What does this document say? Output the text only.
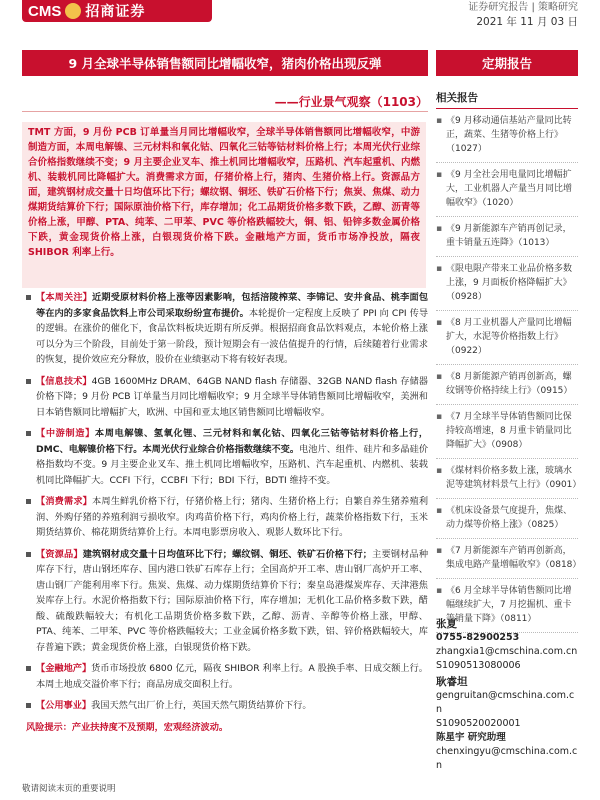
CMS 招商证券	证券研究报告 | 策略研究
2021 年 11 月 03 日
9 月全球半导体销售额同比增幅收窄，猪肉价格出现反弹	定期报告
——行业景气观察（1103）
TMT 方面，9 月份 PCB 订单量当月同比增幅收窄，全球半导体销售额同比增幅收窄，中游制造方面，本周电解镍、三元材料和氧化钴、四氧化三钴等钴材料价格上行；本周光伏行业综合价格指数继续不变；9 月主要企业叉车、推土机同比增幅收窄，压路机、汽车起重机、内燃机、装载机同比降幅扩大。消费需求方面，仔猪价格上行，猪肉、生猪价格上行。资源品方面，建筑钢材成交量十日均值环比下行；螺纹钢、铜坯、铁矿石价格下行；焦炭、焦煤、动力煤期货结算价下行；国际原油价格下行，库存增加；化工品期货价格多数下跌，乙醇、沥青等价格上涨，甲醇、PTA、纯苯、二甲苯、PVC 等价格跌幅较大，铜、铝、铅锌多数金属价格下跌，黄金现货价格上涨，白银现货价格下跌。金融地产方面，货币市场净投放，隔夜 SHIBOR 利率上行。
【本周关注】近期受原材料价格上涨等因素影响，包括涪陵榨菜、李锦记、安井食品、桃李面包等在内的多家食品饮料上市公司采取纷纷宣布提价。本轮提价一定程度上反映了 PPI 向 CPI 传导的逻辑。在涨价的催化下，食品饮料板块近期有所反弹。根据招商食品饮料观点，本轮价格上涨可以分为三个阶段，目前处于第一阶段，预计短期会有一波估值提升的行情，后续随着行业需求的恢复，提价效应充分释放，股价在业绩驱动下将有较好表现。
【信息技术】4GB 1600MHz DRAM、64GB NAND flash 存储器、32GB NAND flash 存储器价格下降；9 月份 PCB 订单量当月同比增幅收窄；9 月全球半导体销售额同比增幅收窄，美洲和日本销售额同比增幅扩大，欧洲、中国和亚太地区销售额同比增幅收窄。
【中游制造】本周电解镍、氢氧化锂、三元材料和氧化钴、四氧化三钴等钴材料价格上行，DMC、电解镍价格下行。本周光伏行业综合价格指数继续不变。电池片、组件、硅片和多晶硅价格指数均不变。9 月主要企业叉车、推土机同比增幅收窄，压路机、汽车起重机、内燃机、装载机同比降幅扩大。CCFI 下行，CCBFI 下行；BDI 下行，BDTI 维持不变。
【消费需求】本周生鲜乳价格下行，仔猪价格上行；猪肉、生猪价格上行；自繁自养生猪养殖利润、外购仔猪的养殖利润亏损收窄。肉鸡苗价格下行，鸡肉价格上行，蔬菜价格指数下行，玉米期货结算价、棉花期货结算价上行。本周电影票房收入、观影人数环比下行。
【资源品】建筑钢材成交量十日均值环比下行；螺纹钢、铜坯、铁矿石价格下行；主要钢材品种库存下行，唐山钢坯库存、国内港口铁矿石库存上行；全国高炉开工率、唐山钢厂高炉开工率、唐山钢厂产能利用率下行。焦炭、焦煤、动力煤期货结算价下行；秦皇岛港煤炭库存、天津港焦炭库存上行。水泥价格指数下行；国际原油价格下行，库存增加；无机化工品价格多数下跌，醋酸、硫酸跌幅较大；有机化工品期货价格多数下跌，乙醇、沥青、辛醇等价格上涨，甲醇、PTA、纯苯、二甲苯、PVC 等价格跌幅较大；工业金属价格多数下跌，铝、锌价格跌幅较大，库存普遍下跌；黄金现货价格上涨，白银现货价格下跌。
【金融地产】货币市场投放 6800 亿元，隔夜 SHIBOR 利率上行。A 股换手率、日成交额上行。本周土地成交溢价率下行；商品房成交面积上行。
【公用事业】我国天然气出厂价上行，英国天然气期货结算价下行。
风险提示：产业扶持度不及预期，宏观经济波动。
相关报告
▪ 《9 月移动通信基站产量同比转正，蔬菜、生猪等价格上行》（1027）
▪ 《9 月全社会用电量同比增幅扩大，工业机器人产量当月同比增幅收窄》（1020）
▪ 《9 月新能源车产销再创记录，重卡销量五连降》（1013）
▪ 《限电限产带来工业品价格多数上涨，9 月面板价格降幅扩大》（0928）
▪ 《8 月工业机器人产量同比增幅扩大，水泥等价格指数上行》（0922）
▪ 《8 月新能源产销再创新高，螺纹钢等价格持续上行》（0915）
▪ 《7 月全球半导体销售额同比保持较高增速，8 月重卡销量同比降幅扩大》（0908）
▪ 《煤材料价格多数上涨，玻璃水泥等建筑材料景气上行》（0901）
▪ 《机床设备景气度提升，焦煤、动力煤等价格上涨》（0825）
▪ 《7 月新能源车产销再创新高，集成电路产量增幅收窄》（0818）
▪ 《6 月全球半导体销售额同比增幅继续扩大，7 月挖掘机、重卡等销量下降》（0811）
张夏
0755-82900253
zhangxia1@cmschina.com.cn
S1090513080006
耿睿坦
gengruitan@cmschina.com.cn
S1090520020001
陈星宇 研究助理
chenxingyu@cmschina.com.cn
敬请阅读末页的重要说明
